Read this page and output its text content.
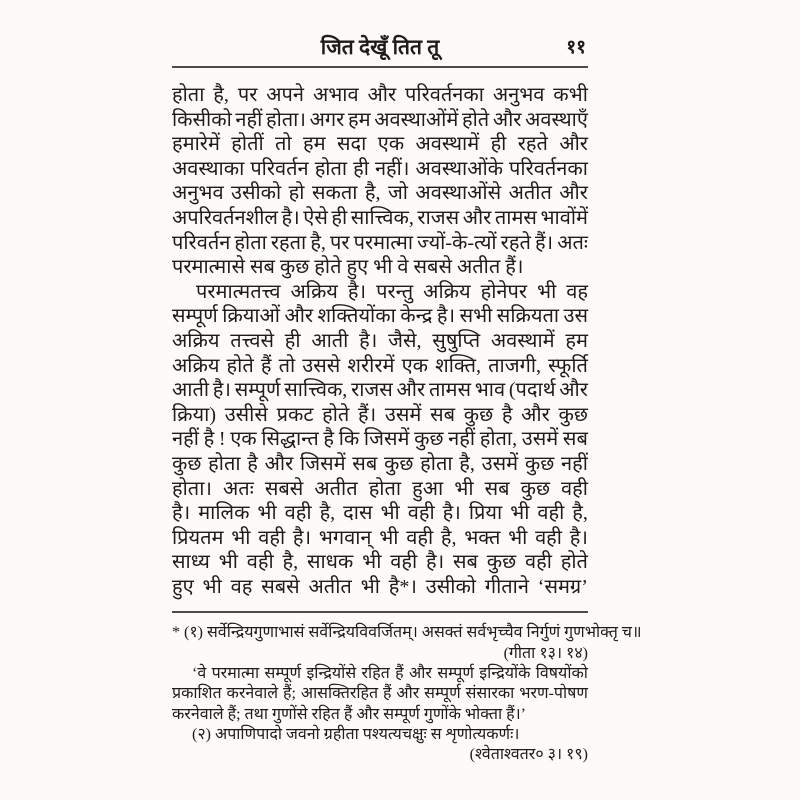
जित देखूँ तित तू	११
होता है, पर अपने अभाव और परिवर्तनका अनुभव कभी
किसीको नहीं होता। अगर हम अवस्थाओंमें होते और अवस्थाएँ
हमारेमें होतीं तो हम सदा एक अवस्थामें ही रहते और
अवस्थाका परिवर्तन होता ही नहीं। अवस्थाओंके परिवर्तनका
अनुभव उसीको हो सकता है, जो अवस्थाओंसे अतीत और
अपरिवर्तनशील है। ऐसे ही सात्त्विक, राजस और तामस भावोंमें
परिवर्तन होता रहता है, पर परमात्मा ज्यों-के-त्यों रहते हैं। अतः
परमात्मासे सब कुछ होते हुए भी वे सबसे अतीत हैं।
परमात्मतत्त्व अक्रिय है। परन्तु अक्रिय होनेपर भी वह
सम्पूर्ण क्रियाओं और शक्तियोंका केन्द्र है। सभी सक्रियता उस
अक्रिय तत्त्वसे ही आती है। जैसे, सुषुप्ति अवस्थामें हम
अक्रिय होते हैं तो उससे शरीरमें एक शक्ति, ताजगी, स्फूर्ति
आती है। सम्पूर्ण सात्त्विक, राजस और तामस भाव (पदार्थ और
क्रिया) उसीसे प्रकट होते हैं। उसमें सब कुछ है और कुछ
नहीं है ! एक सिद्धान्त है कि जिसमें कुछ नहीं होता, उसमें सब
कुछ होता है और जिसमें सब कुछ होता है, उसमें कुछ नहीं
होता। अतः सबसे अतीत होता हुआ भी सब कुछ वही
है। मालिक भी वही है, दास भी वही है। प्रिया भी वही है,
प्रियतम भी वही है। भगवान् भी वही है, भक्त भी वही है।
साध्य भी वही है, साधक भी वही है। सब कुछ वही होते
हुए भी वह सबसे अतीत भी है*। उसीको गीताने ‘समग्र’
* (१) सर्वेन्द्रियगुणाभासं सर्वेन्द्रियविवर्जितम्। असक्तं सर्वभृच्चैव निर्गुणं गुणभोक्तृ च॥
(गीता १३। १४)
‘वे परमात्मा सम्पूर्ण इन्द्रियोंसे रहित हैं और सम्पूर्ण इन्द्रियोंके विषयोंको
प्रकाशित करनेवाले हैं; आसक्तिरहित हैं और सम्पूर्ण संसारका भरण-पोषण
करनेवाले हैं; तथा गुणोंसे रहित हैं और सम्पूर्ण गुणोंके भोक्ता हैं।’
(२) अपाणिपादो जवनो ग्रहीता पश्यत्यचक्षुः स शृणोत्यकर्णः।
(श्वेताश्वतर० ३। १९)
